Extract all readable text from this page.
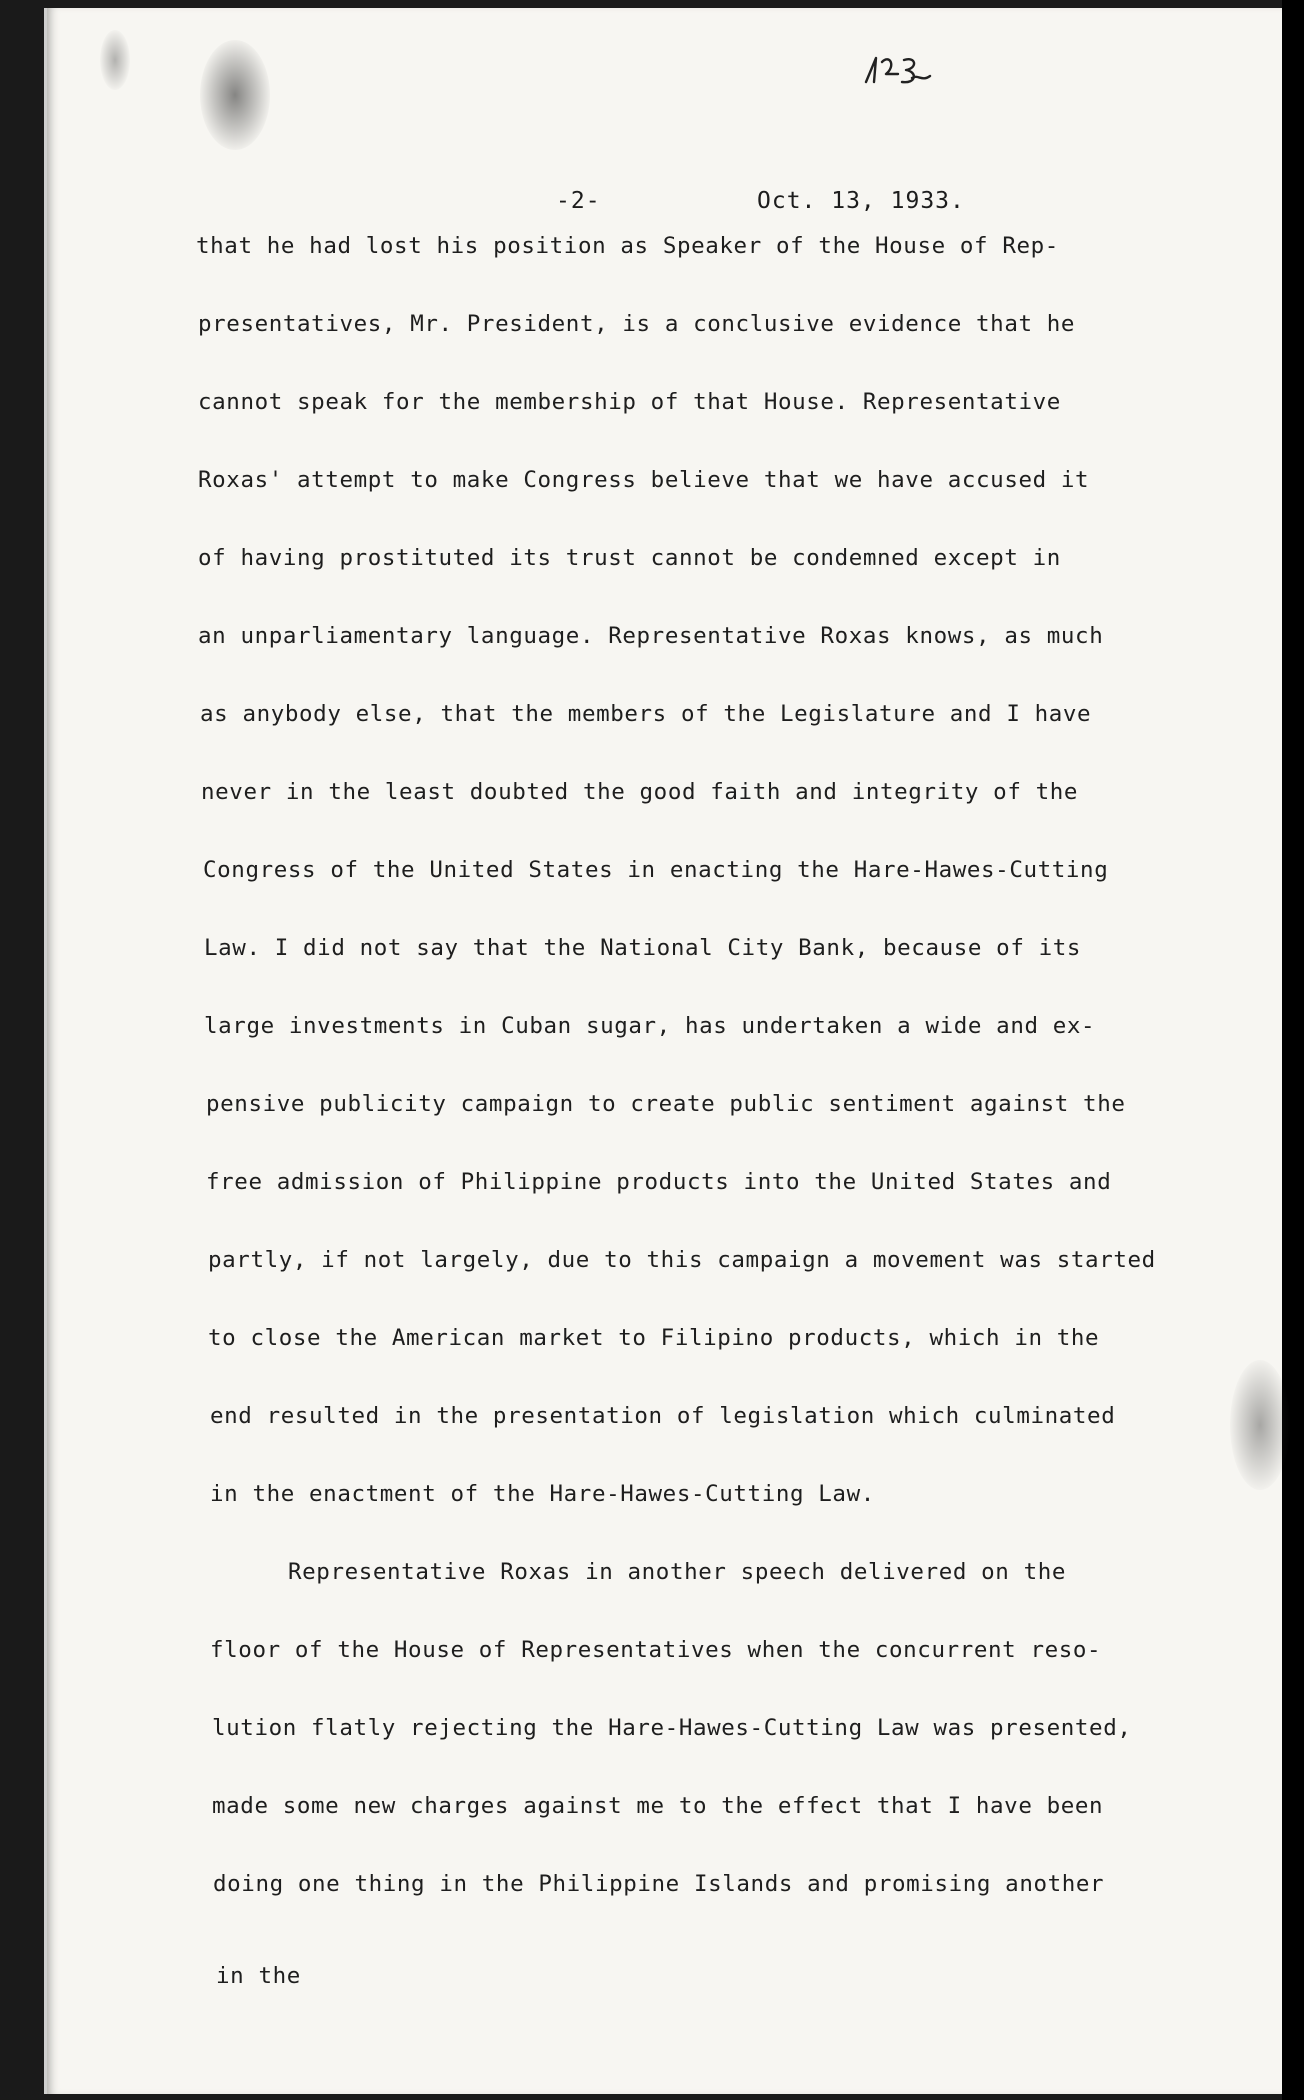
-2-	Oct. 13, 1933.
that he had lost his position as Speaker of the House of Rep-
presentatives, Mr. President, is a conclusive evidence that he
cannot speak for the membership of that House. Representative
Roxas' attempt to make Congress believe that we have accused it
of having prostituted its trust cannot be condemned except in
an unparliamentary language. Representative Roxas knows, as much
as anybody else, that the members of the Legislature and I have
never in the least doubted the good faith and integrity of the
Congress of the United States in enacting the Hare-Hawes-Cutting
Law. I did not say that the National City Bank, because of its
large investments in Cuban sugar, has undertaken a wide and ex-
pensive publicity campaign to create public sentiment against the
free admission of Philippine products into the United States and
partly, if not largely, due to this campaign a movement was started
to close the American market to Filipino products, which in the
end resulted in the presentation of legislation which culminated
in the enactment of the Hare-Hawes-Cutting Law.
Representative Roxas in another speech delivered on the
floor of the House of Representatives when the concurrent reso-
lution flatly rejecting the Hare-Hawes-Cutting Law was presented,
made some new charges against me to the effect that I have been
doing one thing in the Philippine Islands and promising another
in the
